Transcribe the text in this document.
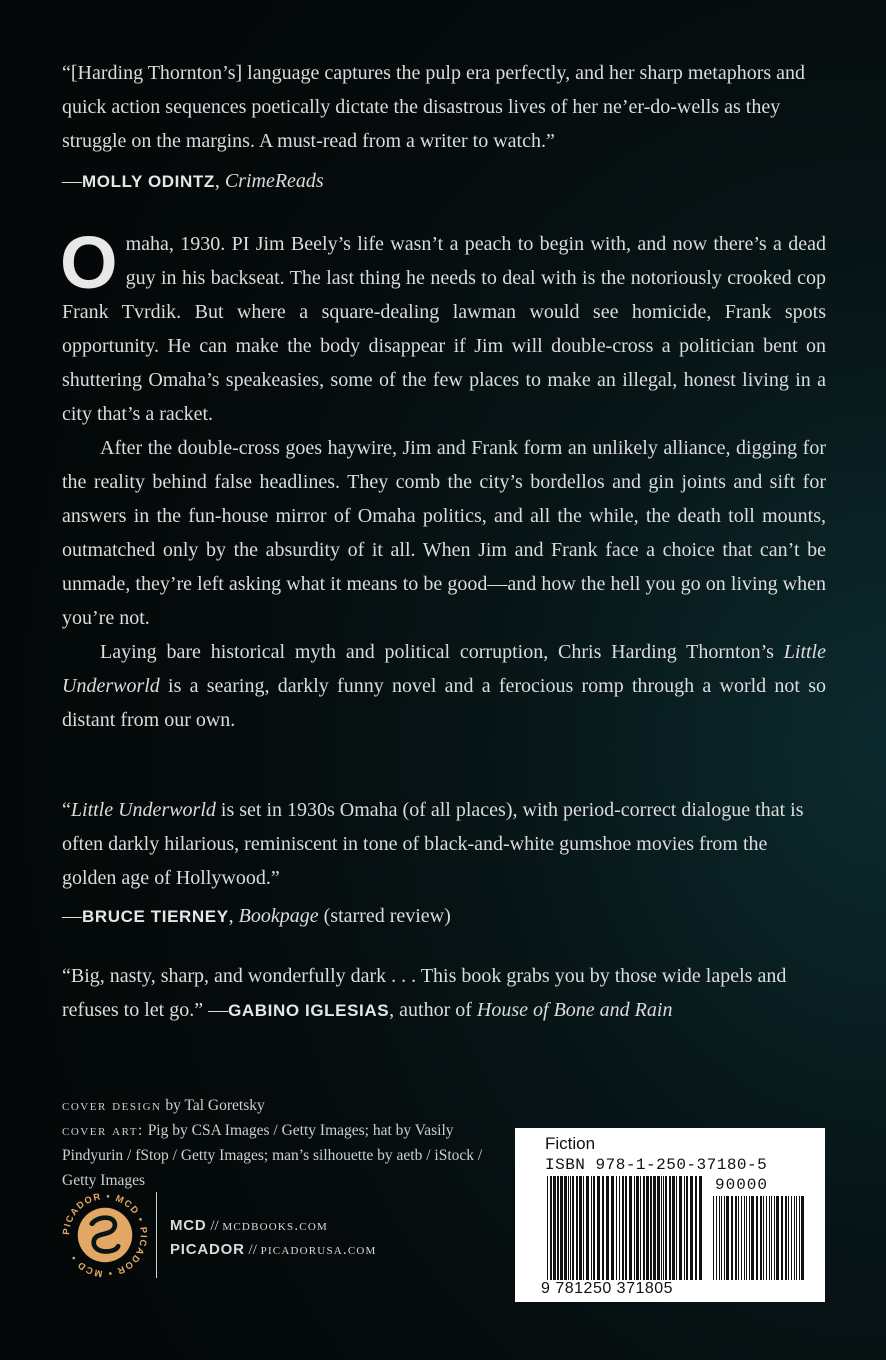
“[Harding Thornton’s] language captures the pulp era perfectly, and her sharp metaphors and quick action sequences poetically dictate the disastrous lives of her ne’er-do-wells as they struggle on the margins. A must-read from a writer to watch.”
—MOLLY ODINTZ, CrimeReads

Omaha, 1930. PI Jim Beely’s life wasn’t a peach to begin with, and now there’s a dead guy in his backseat. The last thing he needs to deal with is the notoriously crooked cop Frank Tvrdik. But where a square-dealing lawman would see homicide, Frank spots opportunity. He can make the body disappear if Jim will double-cross a politician bent on shuttering Omaha’s speakeasies, some of the few places to make an illegal, honest living in a city that’s a racket.

After the double-cross goes haywire, Jim and Frank form an unlikely alliance, digging for the reality behind false headlines. They comb the city’s bordellos and gin joints and sift for answers in the fun-house mirror of Omaha politics, and all the while, the death toll mounts, outmatched only by the absurdity of it all. When Jim and Frank face a choice that can’t be unmade, they’re left asking what it means to be good—and how the hell you go on living when you’re not.

Laying bare historical myth and political corruption, Chris Harding Thornton’s Little Underworld is a searing, darkly funny novel and a ferocious romp through a world not so distant from our own.

“Little Underworld is set in 1930s Omaha (of all places), with period-correct dialogue that is often darkly hilarious, reminiscent in tone of black-and-white gumshoe movies from the golden age of Hollywood.”
—BRUCE TIERNEY, Bookpage (starred review)
“Big, nasty, sharp, and wonderfully dark . . . This book grabs you by those wide lapels and refuses to let go.” —GABINO IGLESIAS, author of House of Bone and Rain
cover design by Tal Goretsky
cover art: Pig by CSA Images / Getty Images; hat by Vasily Pindyurin / fStop / Getty Images; man’s silhouette by aetb / iStock / Getty Images
PICADOR • MCD • PICADOR • MCD •
MCD // mcdbooks.com
PICADOR // picadorusa.com
Fiction
ISBN 978-1-250-37180-5
90000
9 781250 371805
